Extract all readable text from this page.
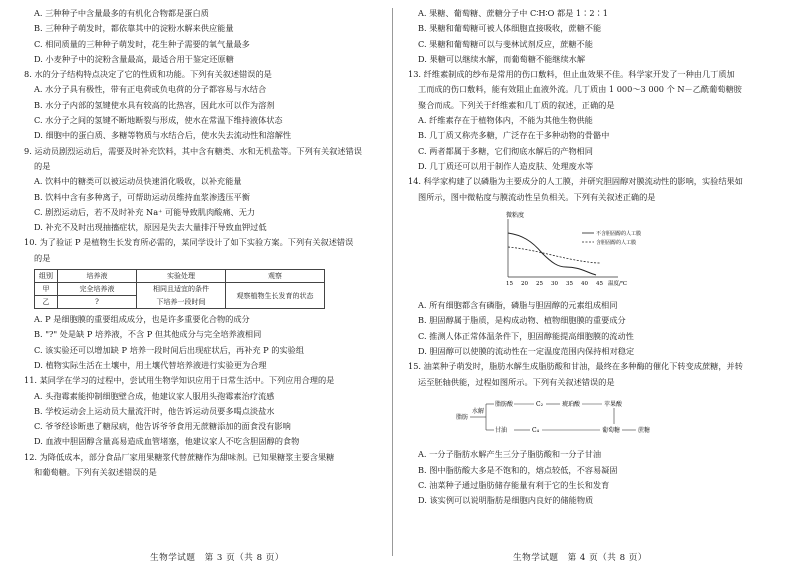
A. 三种种子中含量最多的有机化合物都是蛋白质
B. 三种种子萌发时，都依靠其中的淀粉水解来供应能量
C. 相同质量的三种种子萌发时，花生种子需要的氧气量最多
D. 小麦种子中的淀粉含量最高，最适合用于鉴定还原糖
8. 水的分子结构特点决定了它的性质和功能。下列有关叙述错误的是
A. 水分子具有极性，带有正电荷或负电荷的分子都容易与水结合
B. 水分子内部的氢键使水具有较高的比热容，因此水可以作为溶剂
C. 水分子之间的氢键不断地断裂与形成，使水在常温下维持液体状态
D. 细胞中的蛋白质、多糖等物质与水结合后，使水失去流动性和溶解性
9. 运动员剧烈运动后，需要及时补充饮料，其中含有糖类、水和无机盐等。下列有关叙述错误
的是
A. 饮料中的糖类可以被运动员快速消化吸收，以补充能量
B. 饮料中含有多种离子，可帮助运动员维持血浆渗透压平衡
C. 剧烈运动后，若不及时补充 Na⁺ 可能导致肌肉酸痛、无力
D. 补充不及时出现抽搐症状，原因是失去大量排汗导致血钾过低
10. 为了验证 P 是植物生长发育所必需的，某同学设计了如下实验方案。下列有关叙述错误
的是
组别	培养液	实验处理	观察
甲	完全培养液	相同且适宜的条件	观察植物生长发育的状态
乙	?	下培养一段时间	
A. P 是细胞膜的重要组成成分，也是许多重要化合物的成分
B. "?" 处是缺 P 培养液，不含 P 但其他成分与完全培养液相同
C. 该实验还可以增加缺 P 培养一段时间后出现症状后，再补充 P 的实验组
D. 植物实际生活在土壤中，用土壤代替培养液进行实验更为合理
11. 某同学在学习的过程中，尝试用生物学知识应用于日常生活中。下列应用合理的是
A. 头孢霉素能抑制细胞壁合成，他建议家人服用头孢霉素治疗流感
B. 学校运动会上运动员大量流汗时，他告诉运动员要多喝点淡盐水
C. 爷爷经诊断患了糖尿病，他告诉爷爷食用无蔗糖添加的面食没有影响
D. 血液中胆固醇含量高易造成血管堵塞，他建议家人不吃含胆固醇的食物
12. 为降低成本，部分食品厂家用果糖浆代替蔗糖作为甜味剂。已知果糖浆主要含果糖
和葡萄糖。下列有关叙述错误的是
A. 果糖、葡萄糖、蔗糖分子中 C∶H∶O 都是 1∶2∶1
B. 果糖和葡萄糖可被人体细胞直接吸收，蔗糖不能
C. 果糖和葡萄糖可以与斐林试剂反应，蔗糖不能
D. 果糖可以继续水解，而葡萄糖不能继续水解
13. 纤维素制成的纱布是常用的伤口敷料，但止血效果不佳。科学家开发了一种由几丁质加
工而成的伤口敷料，能有效阻止血液外流。几丁质由 1 000～3 000 个 N－乙酰葡萄糖胺
聚合而成。下列关于纤维素和几丁质的叙述，正确的是
A. 纤维素存在于植物体内，不能为其他生物供能
B. 几丁质又称壳多糖，广泛存在于多种动物的骨骼中
C. 两者都属于多糖，它们彻底水解后的产物相同
D. 几丁质还可以用于制作人造皮肤、处理废水等
14. 科学家构建了以磷脂为主要成分的人工膜，并研究胆固醇对膜流动性的影响，实验结果如
图所示，图中微粘度与膜流动性呈负相关。下列有关叙述正确的是
微粘度
不含胆固醇的人工膜
含胆固醇的人工膜
15 20 25 30 35 40 45 温度/℃
A. 所有细胞都含有磷脂，磷脂与胆固醇的元素组成相同
B. 胆固醇属于脂质，是构成动物、植物细胞膜的重要成分
C. 推测人体正常体温条件下，胆固醇能提高细胞膜的流动性
D. 胆固醇可以使膜的流动性在一定温度范围内保持相对稳定
15. 油菜种子萌发时，脂肪水解生成脂肪酸和甘油，最终在多种酶的催化下转变成蔗糖，并转
运至胚轴供能，过程如图所示。下列有关叙述错误的是
脂肪
水解
脂肪酸
甘油
C₂	琥珀酸	苹果酸
C₄	葡萄糖	蔗糖
A. 一分子脂肪水解产生三分子脂肪酸和一分子甘油
B. 图中脂肪酸大多是不饱和的，熔点较低，不容易凝固
C. 油菜种子通过脂肪储存能量有利于它的生长和发育
D. 该实例可以说明脂肪是细胞内良好的储能物质
生物学试题　第 3 页（共 8 页）	生物学试题　第 4 页（共 8 页）
